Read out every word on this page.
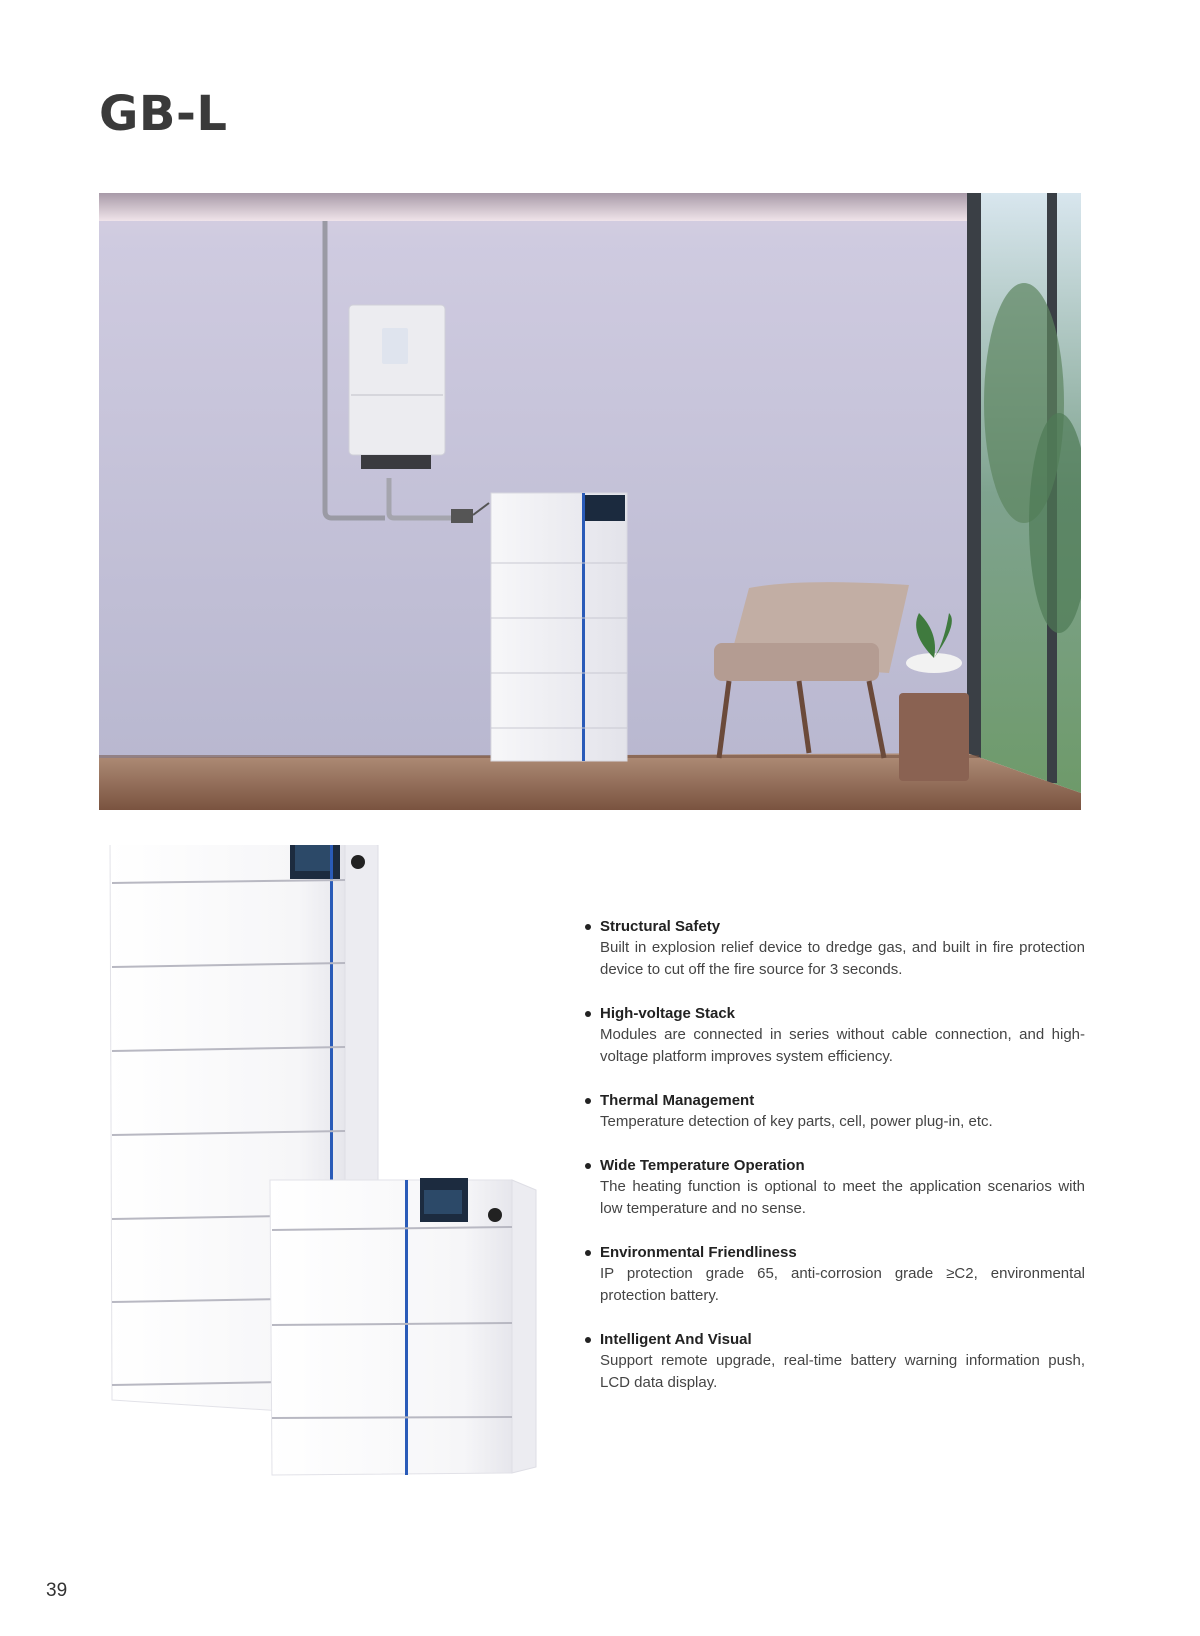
GB-L
Structural Safety
Built in explosion relief device to dredge gas, and built in fire protection device to cut off the fire source for 3 seconds.
High-voltage Stack
Modules are connected in series without cable connection, and high-voltage platform improves system efficiency.
Thermal Management
Temperature detection of key parts, cell, power plug-in, etc.
Wide Temperature Operation
The heating function is optional to meet the application scenarios with low temperature and no sense.
Environmental Friendliness
IP protection grade 65, anti-corrosion grade ≥C2, environmental protection battery.
Intelligent And Visual
Support remote upgrade, real-time battery warning information push, LCD data display.
39
